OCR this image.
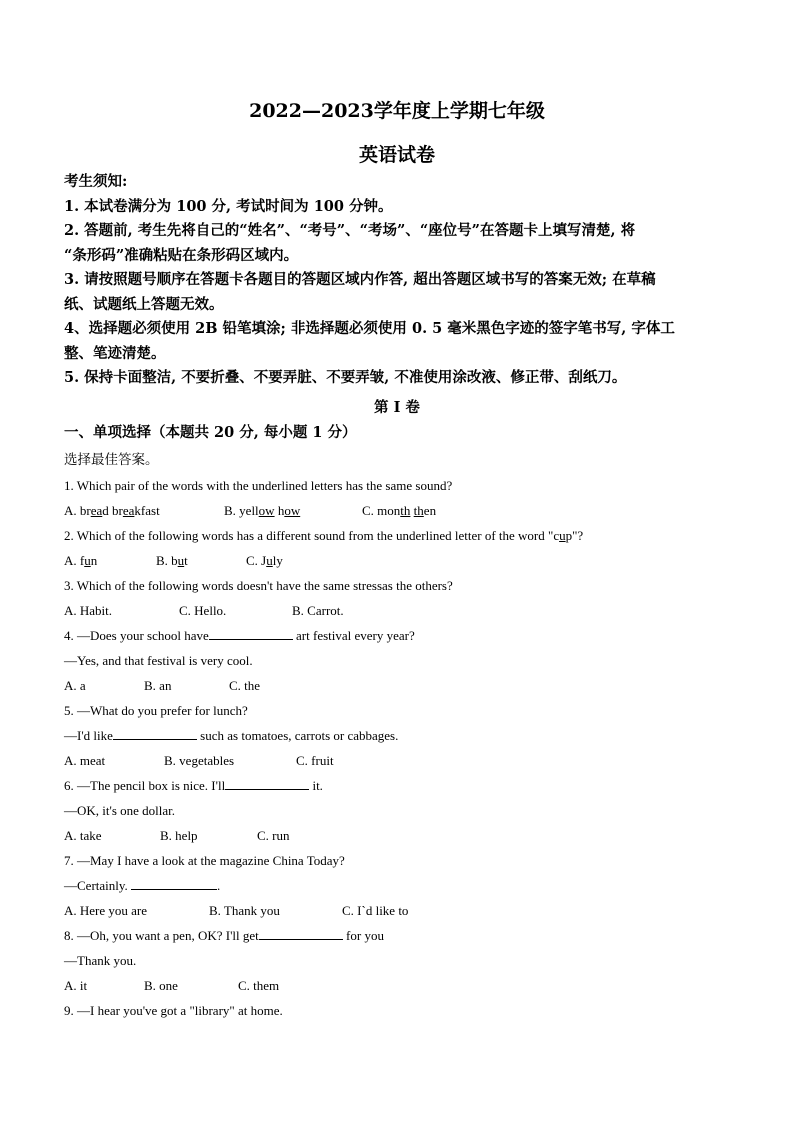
2022—2023学年度上学期七年级
英语试卷
考生须知:
1. 本试卷满分为 100 分, 考试时间为 100 分钟。
2. 答题前, 考生先将自己的“姓名”、“考号”、“考场”、“座位号”在答题卡上填写清楚, 将
“条形码”准确粘贴在条形码区域内。
3. 请按照题号顺序在答题卡各题目的答题区域内作答, 超出答题区域书写的答案无效; 在草稿
纸、试题纸上答题无效。
4、选择题必须使用 2B 铅笔填涂; 非选择题必须使用 0. 5 毫米黑色字迹的签字笔书写, 字体工
整、笔迹清楚。
5. 保持卡面整洁, 不要折叠、不要弄脏、不要弄皱, 不准使用涂改液、修正带、刮纸刀。
第 I 卷
一、单项选择（本题共 20 分, 每小题 1 分）
选择最佳答案。
1. Which pair of the words with the underlined letters has the same sound?
A. bread breakfast	B. yellow how	C. month then
2. Which of the following words has a different sound from the underlined letter of the word "cup"?
A. fun	B. but	C. July
3. Which of the following words doesn't have the same stressas the others?
A. Habit.	C. Hello.	B. Carrot.
4. —Does your school have	art festival every year?
—Yes, and that festival is very cool.
A. a	B. an	C. the
5. —What do you prefer for lunch?
—I'd like	such as tomatoes, carrots or cabbages.
A. meat	B. vegetables	C. fruit
6. —The pencil box is nice. I'll	it.
—OK, it's one dollar.
A. take	B. help	C. run
7. —May I have a look at the magazine China Today?
—Certainly.	.
A. Here you are	B. Thank you	C. I`d like to
8. —Oh, you want a pen, OK? I'll get	for you
—Thank you.
A. it	B. one	C. them
9. —I hear you've got a "library" at home.
